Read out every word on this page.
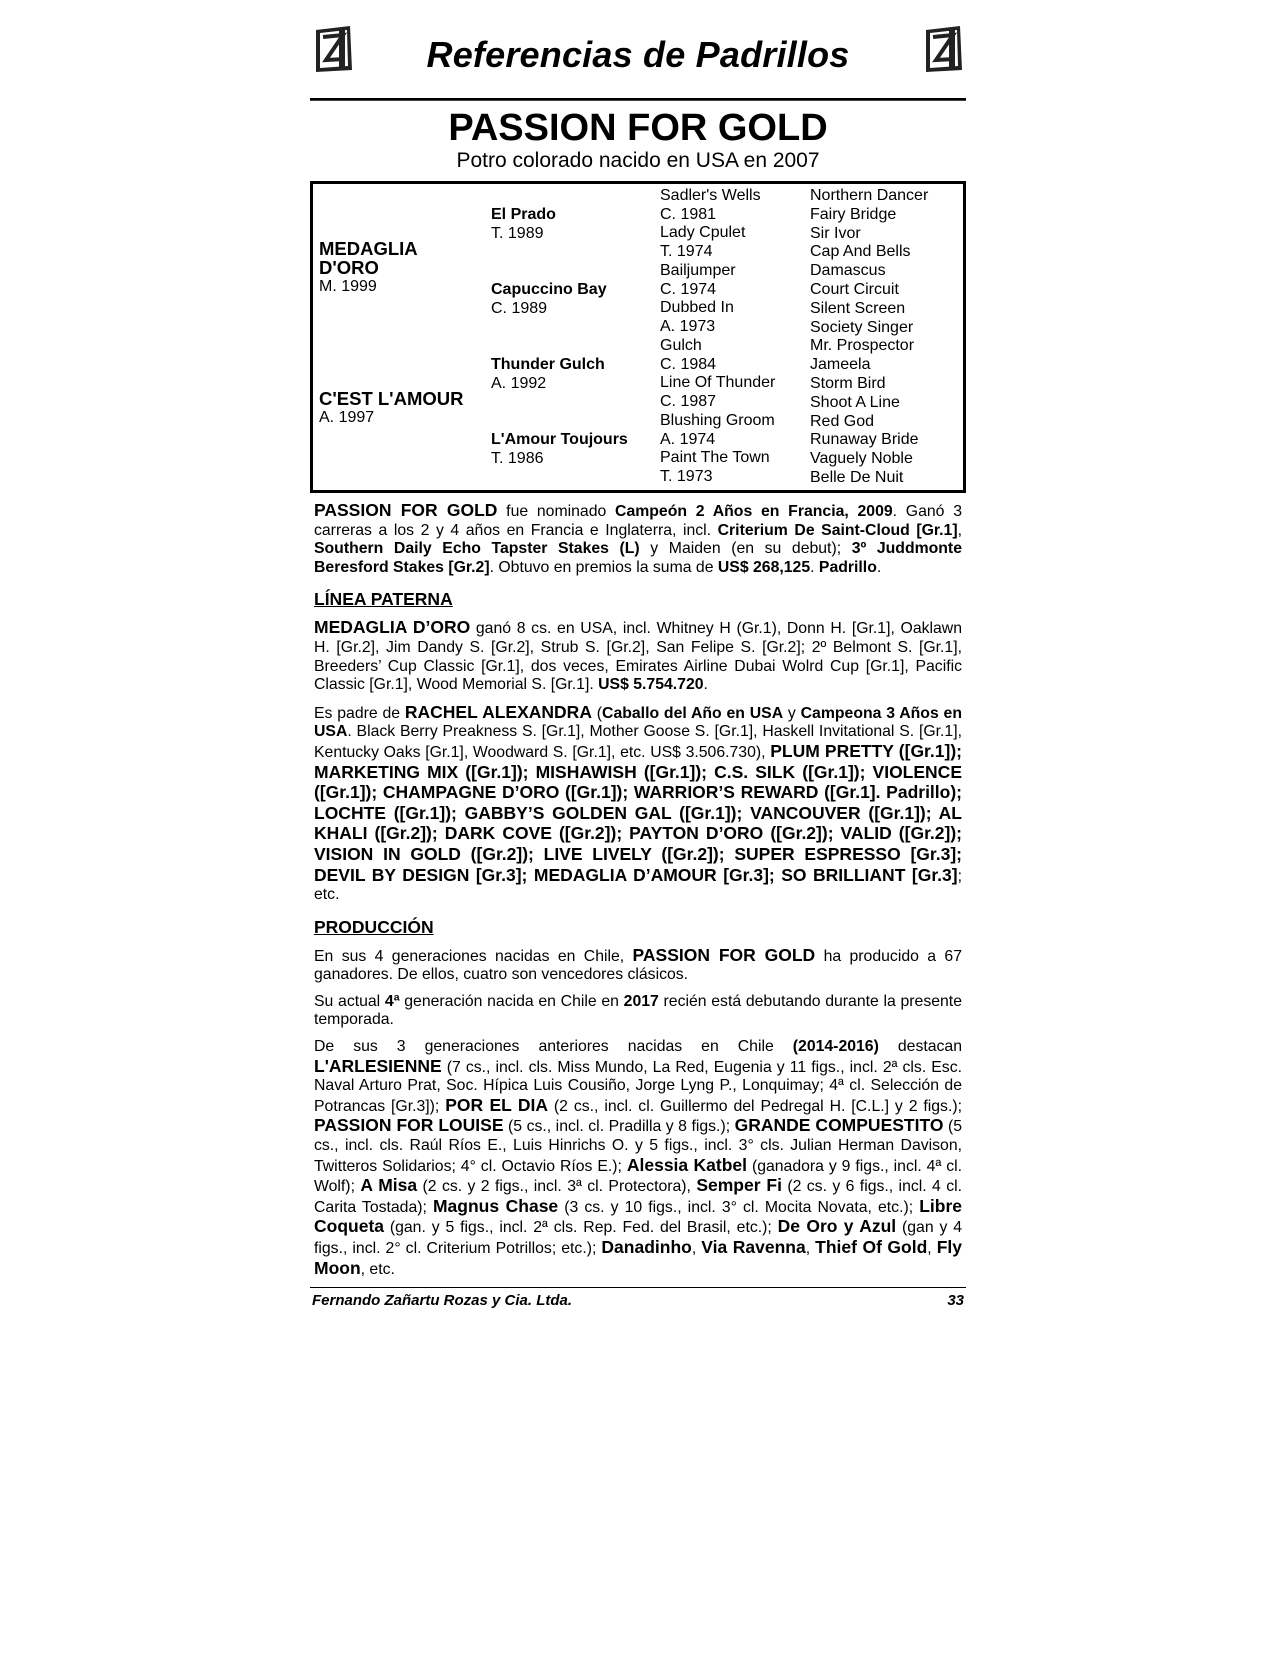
Referencias de Padrillos
PASSION FOR GOLD
Potro colorado nacido en USA en 2007
MEDAGLIA
D'ORO
M. 1999
C'EST L'AMOUR
A. 1997
El Prado
T. 1989
Capuccino Bay
C. 1989
Thunder Gulch
A. 1992
L'Amour Toujours
T. 1986
Sadler's Wells
C. 1981
Lady Cpulet
T. 1974
Bailjumper
C. 1974
Dubbed In
A. 1973
Gulch
C. 1984
Line Of Thunder
C. 1987
Blushing Groom
A. 1974
Paint The Town
T. 1973
Northern Dancer
Fairy Bridge
Sir Ivor
Cap And Bells
Damascus
Court Circuit
Silent Screen
Society Singer
Mr. Prospector
Jameela
Storm Bird
Shoot A Line
Red God
Runaway Bride
Vaguely Noble
Belle De Nuit

PASSION FOR GOLD fue nominado Campeón 2 Años en Francia, 2009. Ganó 3 carreras a los 2 y 4 años en Francia e Inglaterra, incl. Criterium De Saint-Cloud [Gr.1], Southern Daily Echo Tapster Stakes (L) y Maiden (en su debut); 3º Juddmonte Beresford Stakes [Gr.2]. Obtuvo en premios la suma de US$ 268,125. Padrillo.

LÍNEA PATERNA

MEDAGLIA D’ORO ganó 8 cs. en USA, incl. Whitney H (Gr.1), Donn H. [Gr.1], Oaklawn H. [Gr.2], Jim Dandy S. [Gr.2], Strub S. [Gr.2], San Felipe S. [Gr.2]; 2º Belmont S. [Gr.1], Breeders’ Cup Classic [Gr.1], dos veces, Emirates Airline Dubai Wolrd Cup [Gr.1], Pacific Classic [Gr.1], Wood Memorial S. [Gr.1]. US$ 5.754.720.

Es padre de RACHEL ALEXANDRA (Caballo del Año en USA y Campeona 3 Años en USA. Black Berry Preakness S. [Gr.1], Mother Goose S. [Gr.1], Haskell Invitational S. [Gr.1], Kentucky Oaks [Gr.1], Woodward S. [Gr.1], etc. US$ 3.506.730), PLUM PRETTY ([Gr.1]); MARKETING MIX ([Gr.1]); MISHAWISH ([Gr.1]); C.S. SILK ([Gr.1]); VIOLENCE ([Gr.1]); CHAMPAGNE D’ORO ([Gr.1]); WARRIOR’S REWARD ([Gr.1]. Padrillo); LOCHTE ([Gr.1]); GABBY’S GOLDEN GAL ([Gr.1]); VANCOUVER ([Gr.1]); AL KHALI ([Gr.2]); DARK COVE ([Gr.2]); PAYTON D’ORO ([Gr.2]); VALID ([Gr.2]); VISION IN GOLD ([Gr.2]); LIVE LIVELY ([Gr.2]); SUPER ESPRESSO [Gr.3]; DEVIL BY DESIGN [Gr.3]; MEDAGLIA D’AMOUR [Gr.3]; SO BRILLIANT [Gr.3]; etc.

PRODUCCIÓN

En sus 4 generaciones nacidas en Chile, PASSION FOR GOLD ha producido a 67 ganadores. De ellos, cuatro son vencedores clásicos.

Su actual 4ª generación nacida en Chile en 2017 recién está debutando durante la presente temporada.

De sus 3 generaciones anteriores nacidas en Chile (2014-2016) destacan L'ARLESIENNE (7 cs., incl. cls. Miss Mundo, La Red, Eugenia y 11 figs., incl. 2ª cls. Esc. Naval Arturo Prat, Soc. Hípica Luis Cousiño, Jorge Lyng P., Lonquimay; 4ª cl. Selección de Potrancas [Gr.3]); POR EL DIA (2 cs., incl. cl. Guillermo del Pedregal H. [C.L.] y 2 figs.); PASSION FOR LOUISE (5 cs., incl. cl. Pradilla y 8 figs.); GRANDE COMPUESTITO (5 cs., incl. cls. Raúl Ríos E., Luis Hinrichs O. y 5 figs., incl. 3° cls. Julian Herman Davison, Twitteros Solidarios; 4° cl. Octavio Ríos E.); Alessia Katbel (ganadora y 9 figs., incl. 4ª cl. Wolf); A Misa (2 cs. y 2 figs., incl. 3ª cl. Protectora), Semper Fi (2 cs. y 6 figs., incl. 4 cl. Carita Tostada); Magnus Chase (3 cs. y 10 figs., incl. 3° cl. Mocita Novata, etc.); Libre Coqueta (gan. y 5 figs., incl. 2ª cls. Rep. Fed. del Brasil, etc.); De Oro y Azul (gan y 4 figs., incl. 2° cl. Criterium Potrillos; etc.); Danadinho, Via Ravenna, Thief Of Gold, Fly Moon, etc.

Fernando Zañartu Rozas y Cia. Ltda.	33
